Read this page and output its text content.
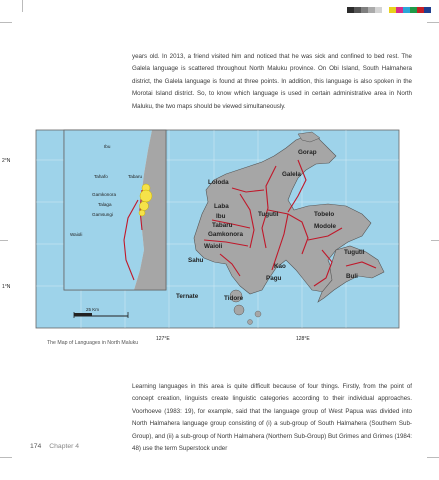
years old. In 2013, a friend visited him and noticed that he was sick and confined to bed rest. The Galela language is scattered throughout North Maluku province. On Obi Island, South Halmahera district, the Galela language is found at three points. In addition, this language is also spoken in the Morotai Island district. So, to know which language is used in certain administrative area in North Maluku, the two maps should be viewed simultaneously.

2°N
1°N
127°E	128°E
25 Km
Ibu
Tahafo	Tabaru
Gamkonora
Talaga
Gamsungi
Waioli
Gorap
Galela
Loloda
Laba
Ibu	Tugutil	Tobelo
Tabaru	Modole
Gamkonora
Waioli
Tugutil
Sahu
Kao
Pagu	Buli
Ternate	Tidore
The Map of Languages in North Maluku

Learning languages in this area is quite difficult because of four things. Firstly, from the point of concept creation, linguists create linguistic categories according to their individual approaches. Voorhoeve (1983: 19), for example, said that the language group of West Papua was divided into North Halmahera language group consisting of (i) a sub-group of South Halmahera (Southern Sub-Group), and (ii) a sub-group of North Halmahera (Northern Sub-Group) But Grimes and Grimes (1984: 48) use the term Superstock under

174 Chapter 4
